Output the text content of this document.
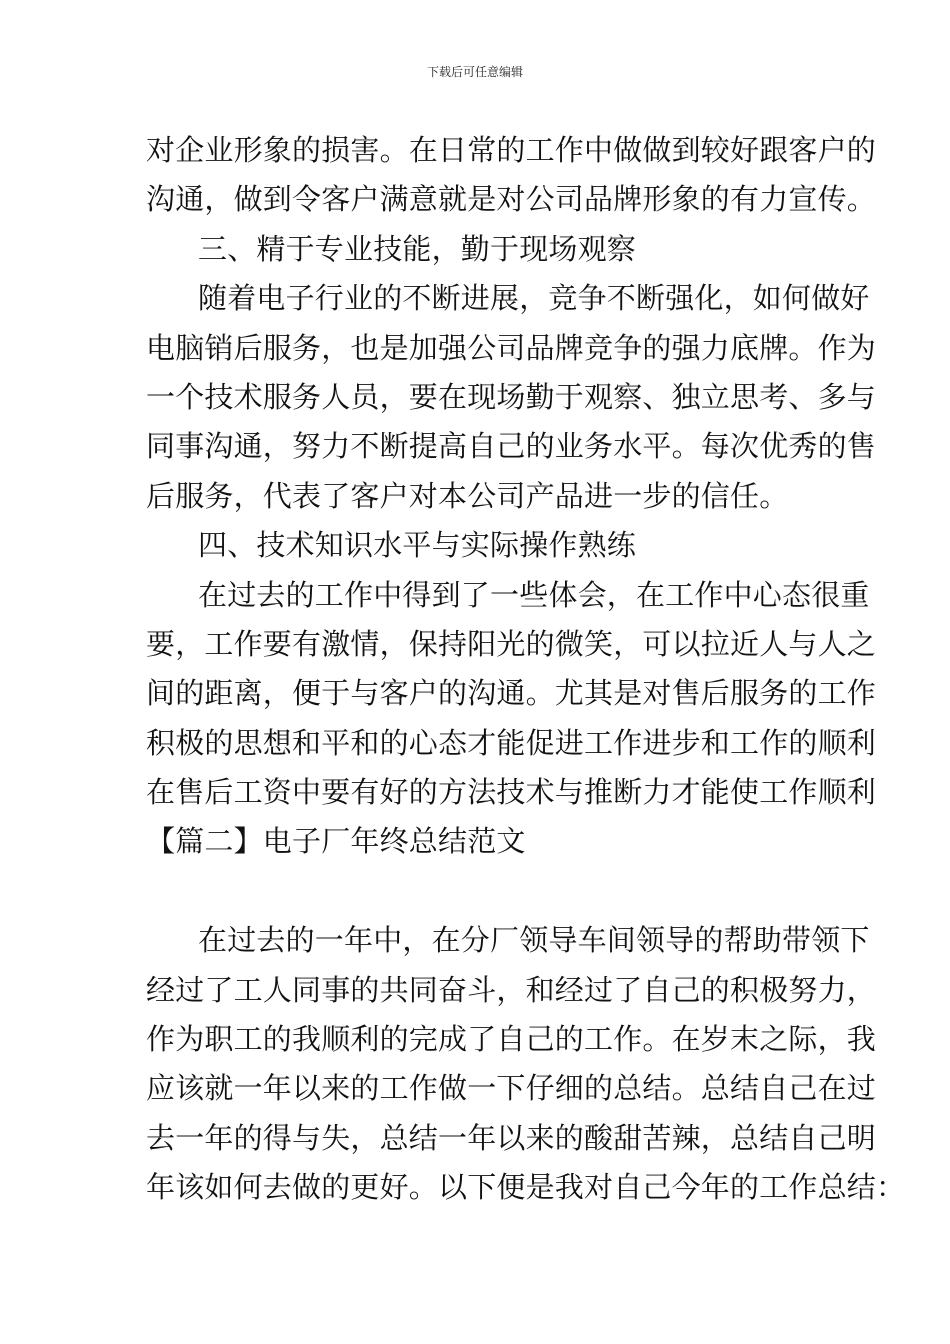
下载后可任意编辑
对企业形象的损害。在日常的工作中做做到较好跟客户的
沟通，做到令客户满意就是对公司品牌形象的有力宣传。
三、精于专业技能，勤于现场观察
随着电子行业的不断进展，竞争不断强化，如何做好
电脑销后服务，也是加强公司品牌竞争的强力底牌。作为
一个技术服务人员，要在现场勤于观察、独立思考、多与
同事沟通，努力不断提高自己的业务水平。每次优秀的售
后服务，代表了客户对本公司产品进一步的信任。
四、技术知识水平与实际操作熟练
在过去的工作中得到了一些体会，在工作中心态很重
要，工作要有激情，保持阳光的微笑，可以拉近人与人之
间的距离，便于与客户的沟通。尤其是对售后服务的工作
积极的思想和平和的心态才能促进工作进步和工作的顺利
在售后工资中要有好的方法技术与推断力才能使工作顺利
【篇二】电子厂年终总结范文
在过去的一年中，在分厂领导车间领导的帮助带领下
经过了工人同事的共同奋斗，和经过了自己的积极努力，
作为职工的我顺利的完成了自己的工作。在岁末之际，我
应该就一年以来的工作做一下仔细的总结。总结自己在过
去一年的得与失，总结一年以来的酸甜苦辣，总结自己明
年该如何去做的更好。以下便是我对自己今年的工作总结：
